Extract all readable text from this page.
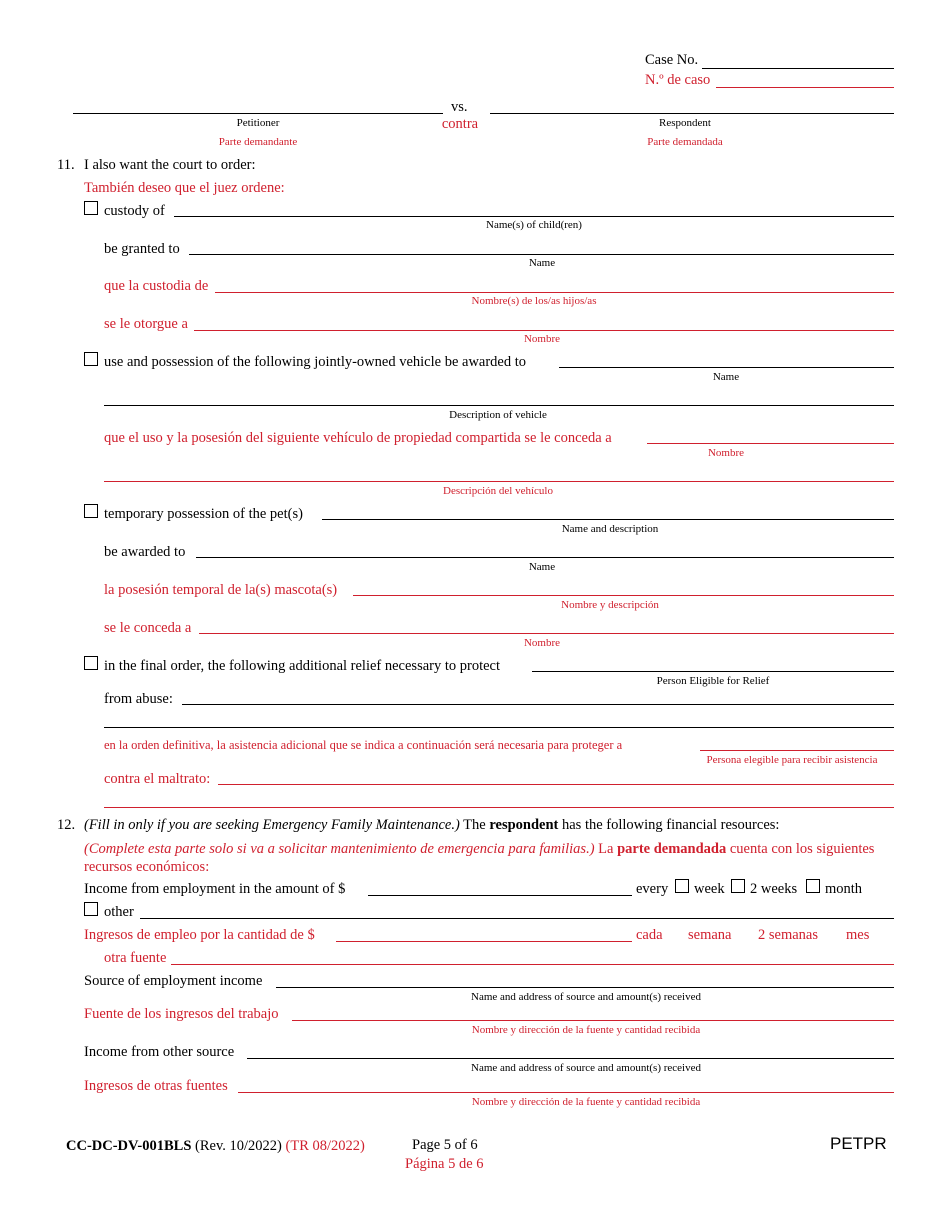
Case No.
N.º de caso
vs.
Petitioner	contra	Respondent
Parte demandante	Parte demandada
11. I also want the court to order:
También deseo que el juez ordene:
custody of
Name(s) of child(ren)
be granted to
Name
que la custodia de
Nombre(s) de los/as hijos/as
se le otorgue a
Nombre
use and possession of the following jointly-owned vehicle be awarded to
Name
Description of vehicle
que el uso y la posesión del siguiente vehículo de propiedad compartida se le conceda a
Nombre
Descripción del vehículo
temporary possession of the pet(s)
Name and description
be awarded to
Name
la posesión temporal de la(s) mascota(s)
Nombre y descripción
se le conceda a
Nombre
in the final order, the following additional relief necessary to protect
Person Eligible for Relief
from abuse:
en la orden definitiva, la asistencia adicional que se indica a continuación será necesaria para proteger a
Persona elegible para recibir asistencia
contra el maltrato:
12. (Fill in only if you are seeking Emergency Family Maintenance.) The respondent has the following financial resources:
(Complete esta parte solo si va a solicitar mantenimiento de emergencia para familias.) La parte demandada cuenta con los siguientes recursos económicos:
Income from employment in the amount of $	every week 2 weeks month
other
Ingresos de empleo por la cantidad de $	cada semana 2 semanas mes
otra fuente
Source of employment income
Name and address of source and amount(s) received
Fuente de los ingresos del trabajo
Nombre y dirección de la fuente y cantidad recibida
Income from other source
Name and address of source and amount(s) received
Ingresos de otras fuentes
Nombre y dirección de la fuente y cantidad recibida
CC-DC-DV-001BLS (Rev. 10/2022) (TR 08/2022)	Page 5 of 6
Página 5 de 6
PETPR
